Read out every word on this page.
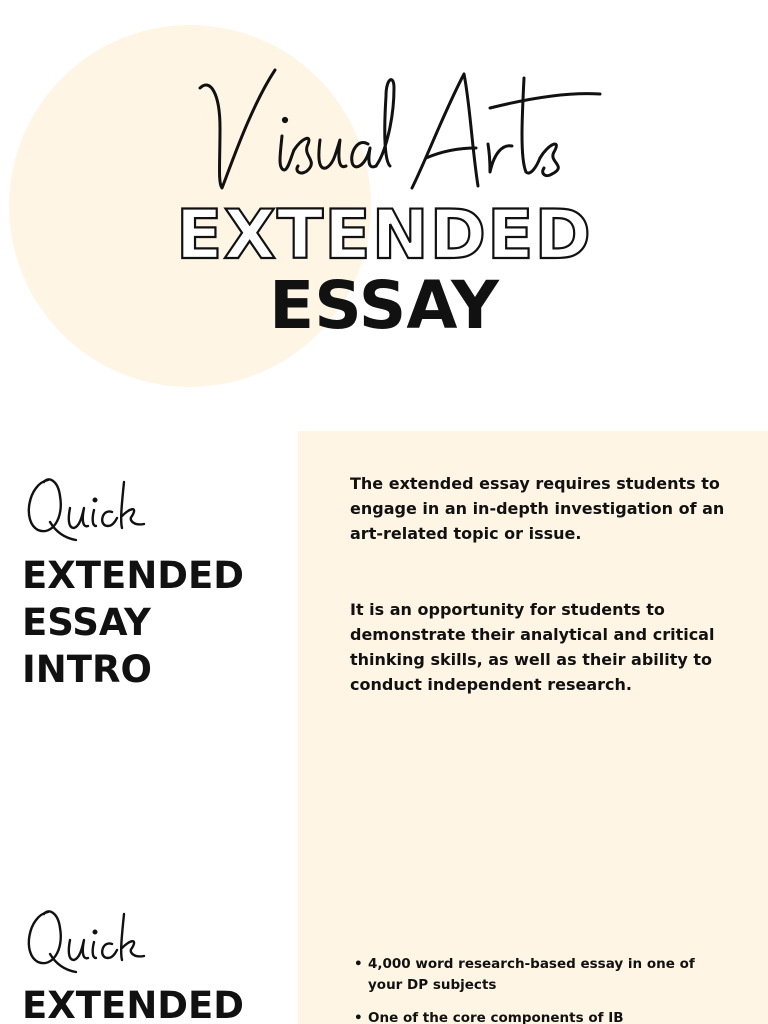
EXTENDED

ESSAY

EXTENDED
ESSAY
INTRO

The extended essay requires students to engage in an in-depth investigation of an art-related topic or issue.

It is an opportunity for students to demonstrate their analytical and critical thinking skills, as well as their ability to conduct independent research.

EXTENDED
• 4,000 word research-based essay in one of your DP subjects
• One of the core components of IB
